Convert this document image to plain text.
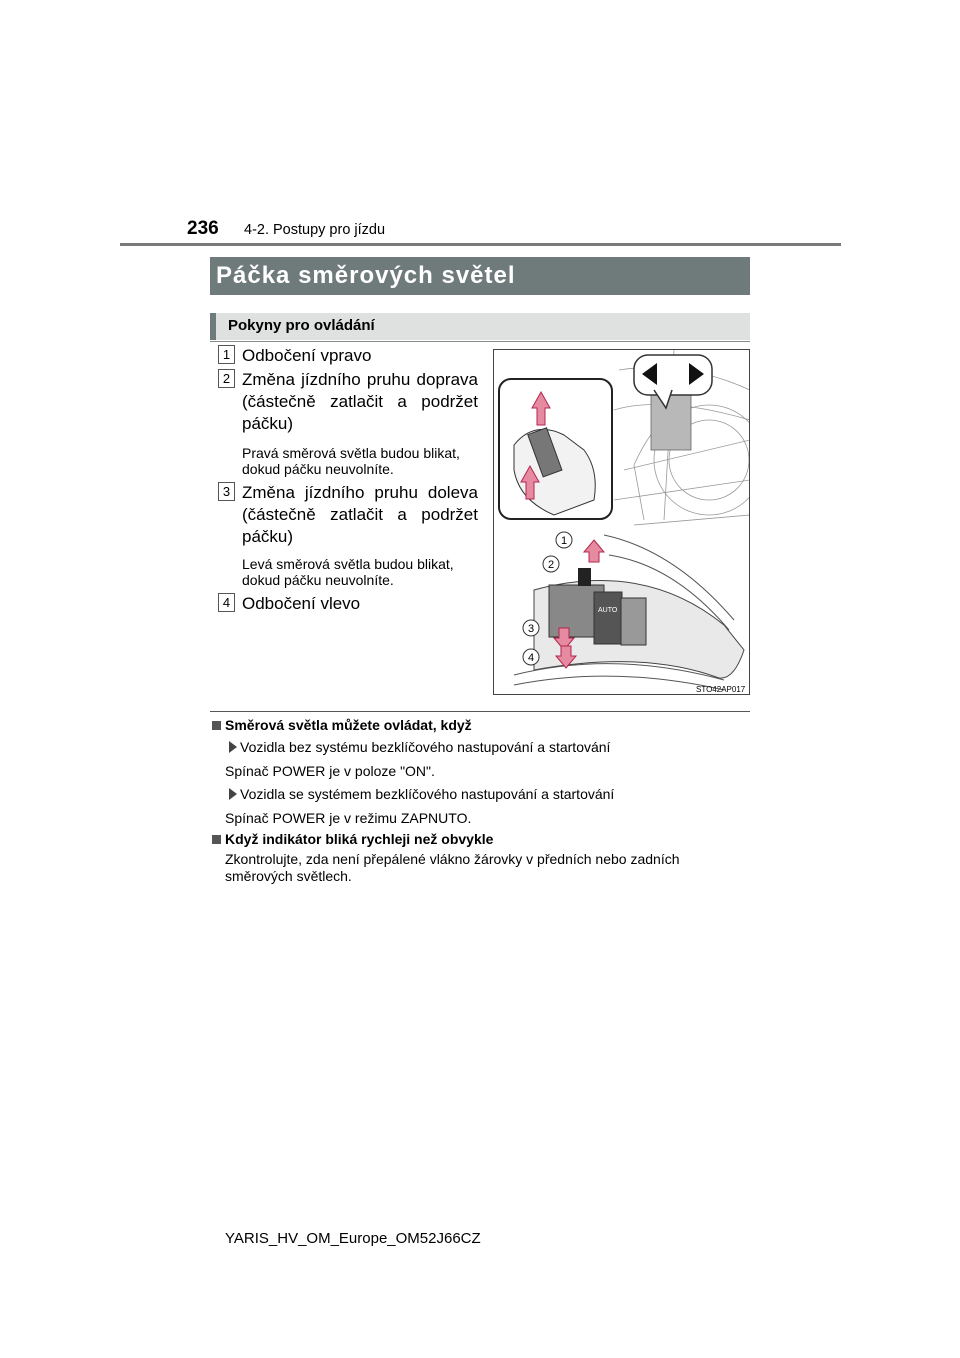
236 4-2. Postupy pro jízdu
Páčka směrových světel
Pokyny pro ovládání
1 Odbočení vpravo
2 Změna jízdního pruhu doprava (částečně zatlačit a podržet páčku)
Pravá směrová světla budou blikat, dokud páčku neuvolníte.
3 Změna jízdního pruhu doleva (částečně zatlačit a podržet páčku)
Levá směrová světla budou blikat, dokud páčku neuvolníte.
4 Odbočení vlevo	AUTO
1
2
3
4
STO42AP017
Směrová světla můžete ovládat, když
Vozidla bez systému bezklíčového nastupování a startování
Spínač POWER je v poloze "ON".
Vozidla se systémem bezklíčového nastupování a startování
Spínač POWER je v režimu ZAPNUTO.
Když indikátor bliká rychleji než obvykle
Zkontrolujte, zda není přepálené vlákno žárovky v předních nebo zadních směrových světlech.
YARIS_HV_OM_Europe_OM52J66CZ
